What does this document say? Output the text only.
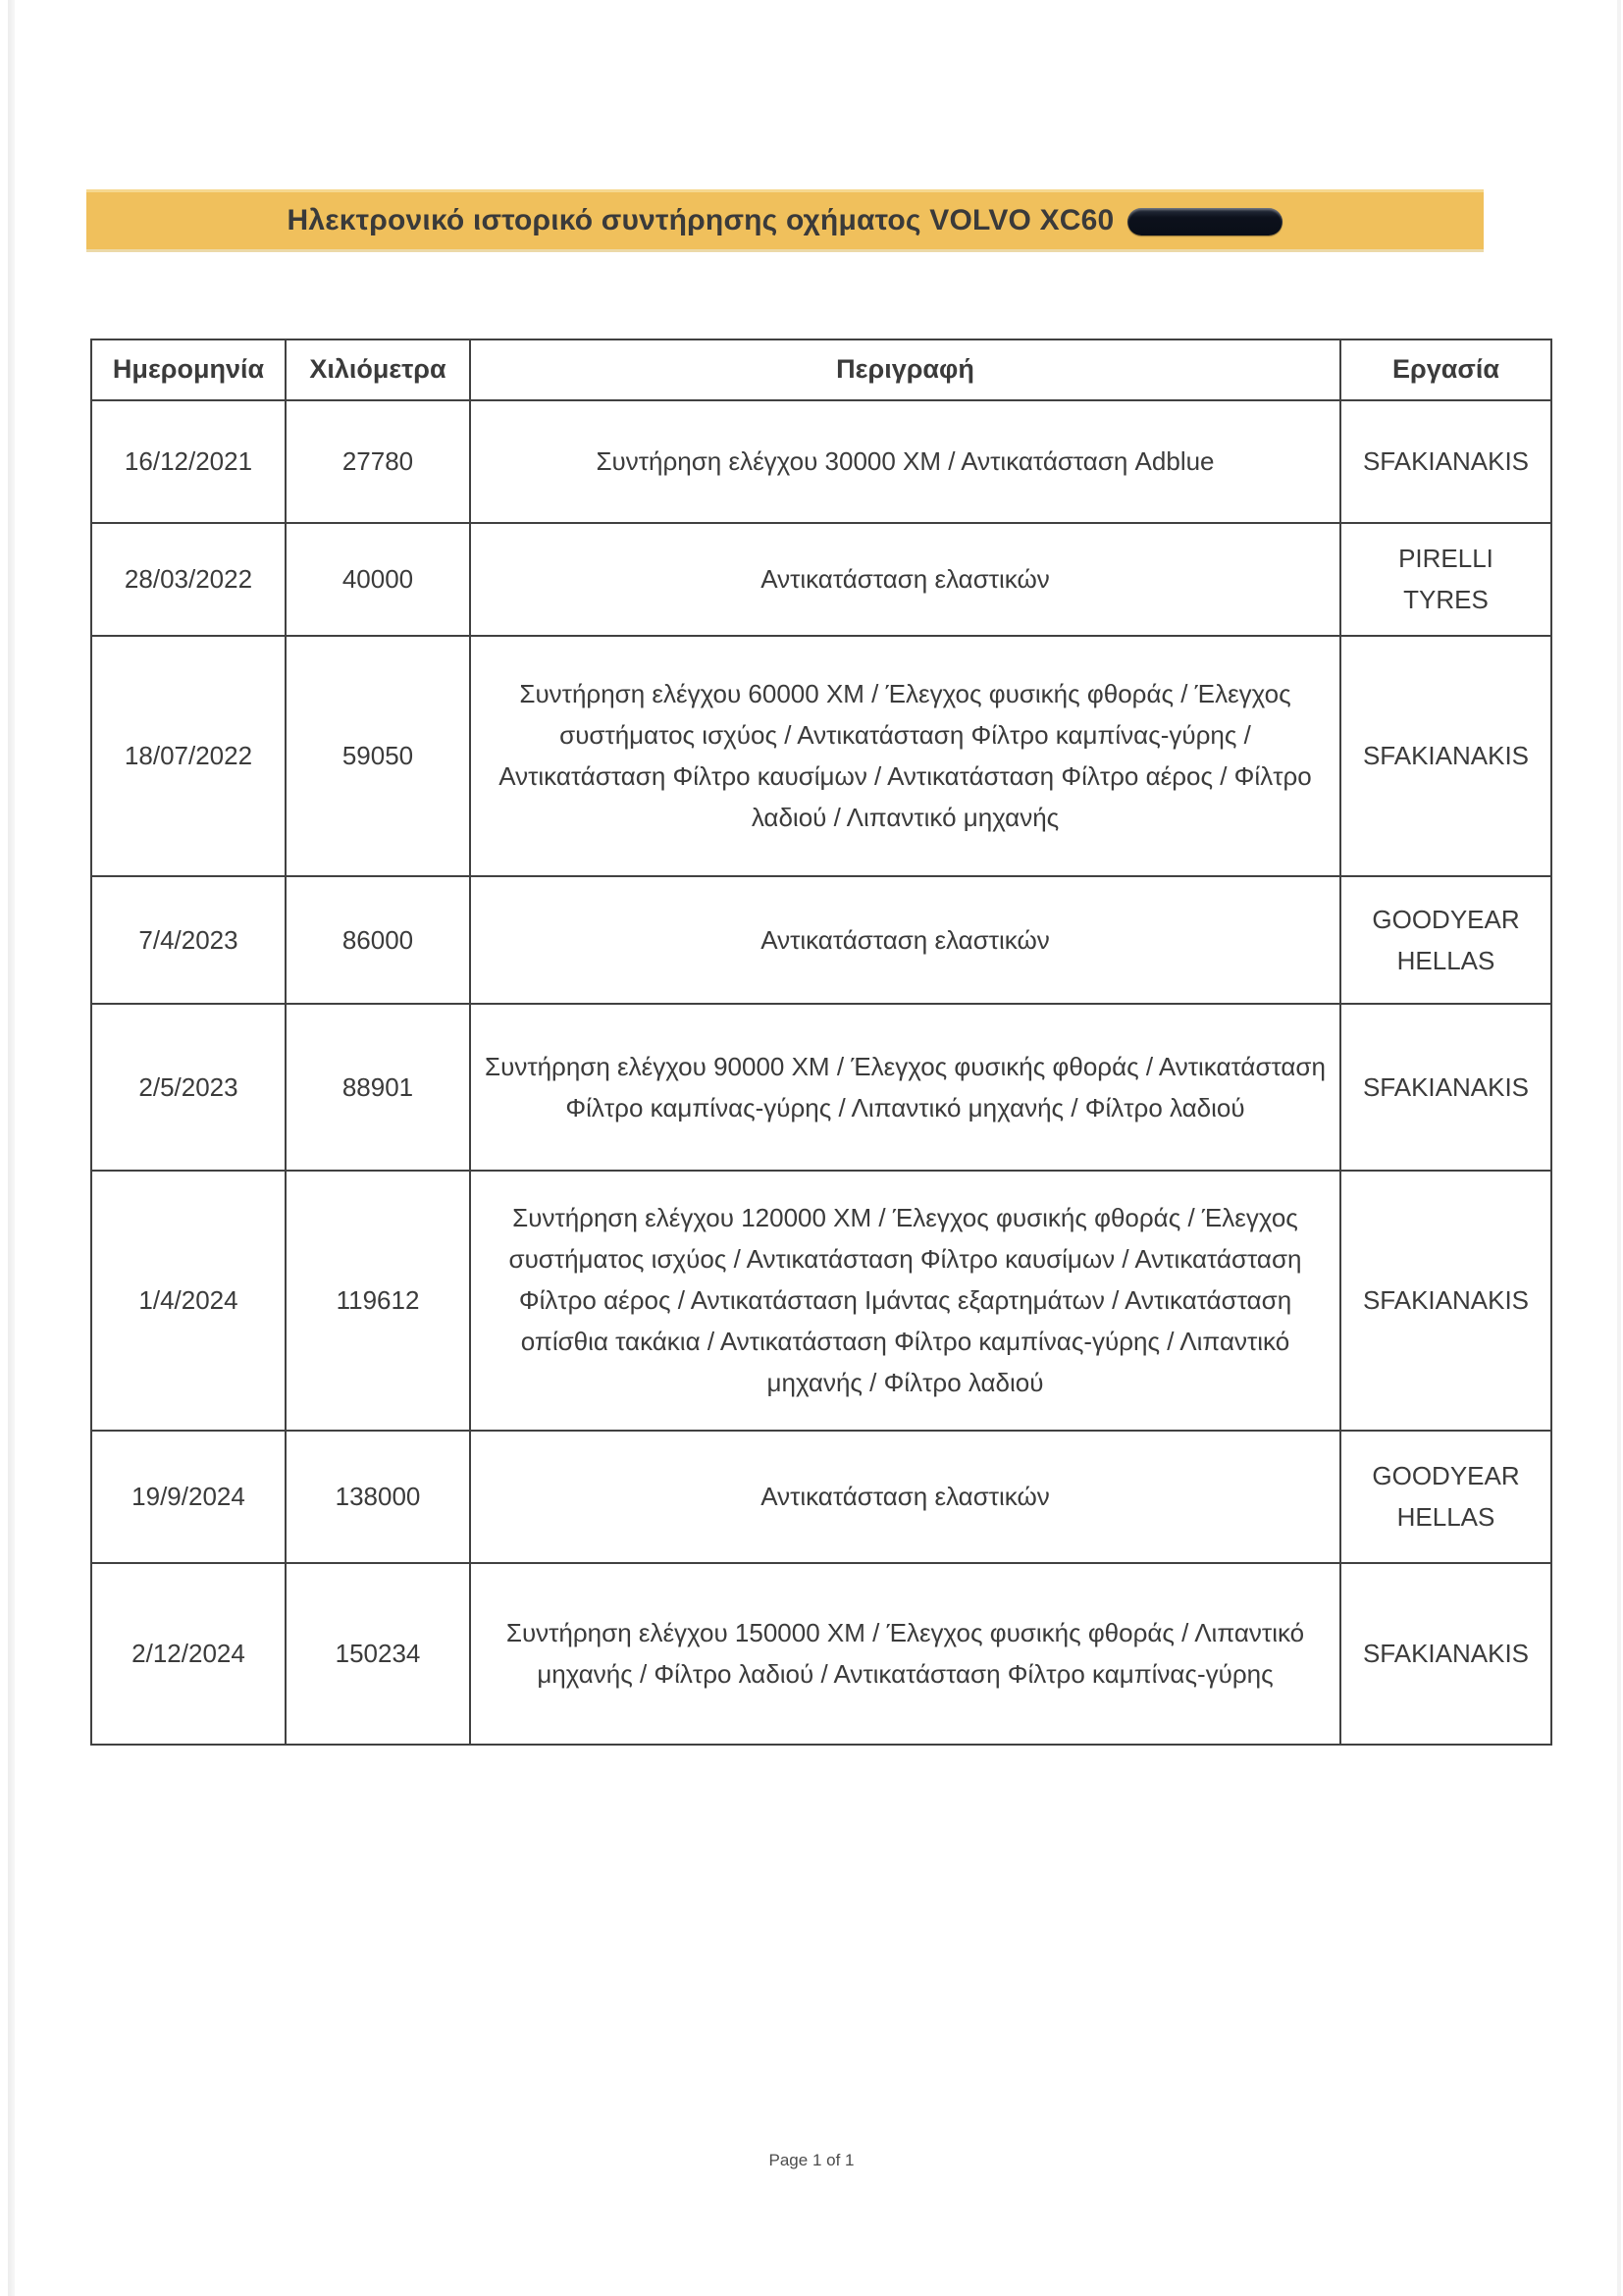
Ηλεκτρονικό ιστορικό συντήρησης οχήματος VOLVO XC60
Ημερομηνία	Χιλιόμετρα	Περιγραφή	Εργασία
16/12/2021	27780	Συντήρηση ελέγχου 30000 ΧΜ / Αντικατάσταση Adblue	SFAKIANAKIS
28/03/2022	40000	Αντικατάσταση ελαστικών	PIRELLI TYRES
18/07/2022	59050	Συντήρηση ελέγχου 60000 ΧΜ / Έλεγχος φυσικής φθοράς / Έλεγχος συστήματος ισχύος / Αντικατάσταση Φίλτρο καμπίνας-γύρης / Αντικατάσταση Φίλτρο καυσίμων / Αντικατάσταση Φίλτρο αέρος / Φίλτρο λαδιού / Λιπαντικό μηχανής	SFAKIANAKIS
7/4/2023	86000	Αντικατάσταση ελαστικών	GOODYEAR HELLAS
2/5/2023	88901	Συντήρηση ελέγχου 90000 ΧΜ / Έλεγχος φυσικής φθοράς / Αντικατάσταση Φίλτρο καμπίνας-γύρης / Λιπαντικό μηχανής / Φίλτρο λαδιού	SFAKIANAKIS
1/4/2024	119612	Συντήρηση ελέγχου 120000 ΧΜ / Έλεγχος φυσικής φθοράς / Έλεγχος συστήματος ισχύος / Αντικατάσταση Φίλτρο καυσίμων / Αντικατάσταση Φίλτρο αέρος / Αντικατάσταση Ιμάντας εξαρτημάτων / Αντικατάσταση οπίσθια τακάκια / Αντικατάσταση Φίλτρο καμπίνας-γύρης / Λιπαντικό μηχανής / Φίλτρο λαδιού	SFAKIANAKIS
19/9/2024	138000	Αντικατάσταση ελαστικών	GOODYEAR HELLAS
2/12/2024	150234	Συντήρηση ελέγχου 150000 ΧΜ / Έλεγχος φυσικής φθοράς / Λιπαντικό μηχανής / Φίλτρο λαδιού / Αντικατάσταση Φίλτρο καμπίνας-γύρης	SFAKIANAKIS
Page 1 of 1
